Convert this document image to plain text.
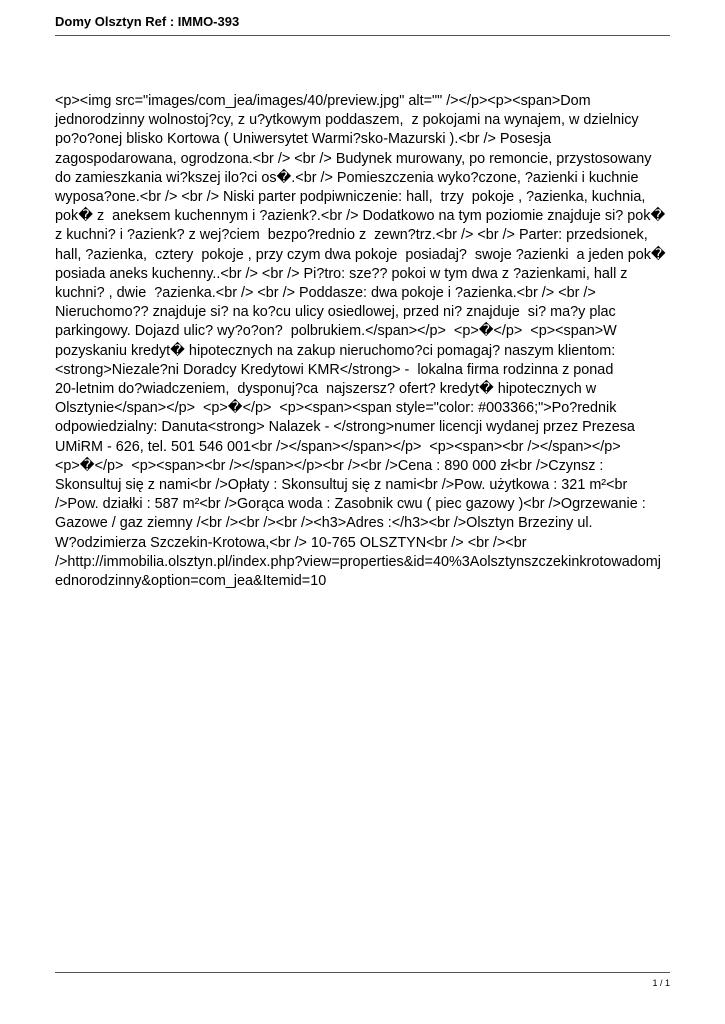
Domy Olsztyn Ref : IMMO-393
<p><img src="images/com_jea/images/40/preview.jpg" alt="" /></p><p><span>Dom
jednorodzinny wolnostoj?cy, z u?ytkowym poddaszem,  z pokojami na wynajem, w dzielnicy
po?o?onej blisko Kortowa ( Uniwersytet Warmi?sko-Mazurski ).<br /> Posesja
zagospodarowana, ogrodzona.<br /> <br /> Budynek murowany, po remoncie, przystosowany
do zamieszkania wi?kszej ilo?ci os�.<br /> Pomieszczenia wyko?czone, ?azienki i kuchnie
wyposa?one.<br /> <br /> Niski parter podpiwniczenie: hall,  trzy  pokoje , ?azienka, kuchnia,
pok� z  aneksem kuchennym i ?azienk?.<br /> Dodatkowo na tym poziomie znajduje si? pok�
z kuchni? i ?azienk? z wej?ciem  bezpo?rednio z  zewn?trz.<br /> <br /> Parter: przedsionek,
hall, ?azienka,  cztery  pokoje , przy czym dwa pokoje  posiadaj?  swoje ?azienki  a jeden pok�
posiada aneks kuchenny..<br /> <br /> Pi?tro: sze?? pokoi w tym dwa z ?azienkami, hall z
kuchni? , dwie  ?azienka.<br /> <br /> Poddasze: dwa pokoje i ?azienka.<br /> <br />
Nieruchomo?? znajduje si? na ko?cu ulicy osiedlowej, przed ni? znajduje  si? ma?y plac
parkingowy. Dojazd ulic? wy?o?on?  polbrukiem.</span></p>  <p>�</p>  <p><span>W
pozyskaniu kredyt� hipotecznych na zakup nieruchomo?ci pomagaj? naszym klientom:
<strong>Niezale?ni Doradcy Kredytowi KMR</strong> -  lokalna firma rodzinna z ponad
20-letnim do?wiadczeniem,  dysponuj?ca  najszersz? ofert? kredyt� hipotecznych w
Olsztynie</span></p>  <p>�</p>  <p><span><span style="color: #003366;">Po?rednik
odpowiedzialny: Danuta<strong> Nalazek - </strong>numer licencji wydanej przez Prezesa
UMiRM - 626, tel. 501 546 001<br /></span></span></p>  <p><span><br /></span></p>
<p>�</p>  <p><span><br /></span></p><br /><br />Cena : 890 000 zł<br />Czynsz :
Skonsultuj się z nami<br />Opłaty : Skonsultuj się z nami<br />Pow. użytkowa : 321 m²<br
/>Pow. działki : 587 m²<br />Gorąca woda : Zasobnik cwu ( piec gazowy )<br />Ogrzewanie :
Gazowe / gaz ziemny /<br /><br /><br /><h3>Adres :</h3><br />Olsztyn Brzeziny ul.
W?odzimierza Szczekin-Krotowa,<br /> 10-765 OLSZTYN<br /> <br /><br
/>http://immobilia.olsztyn.pl/index.php?view=properties&id=40%3Aolsztynszczekinkrotowadomj
ednorodzinny&option=com_jea&Itemid=10
1 / 1
